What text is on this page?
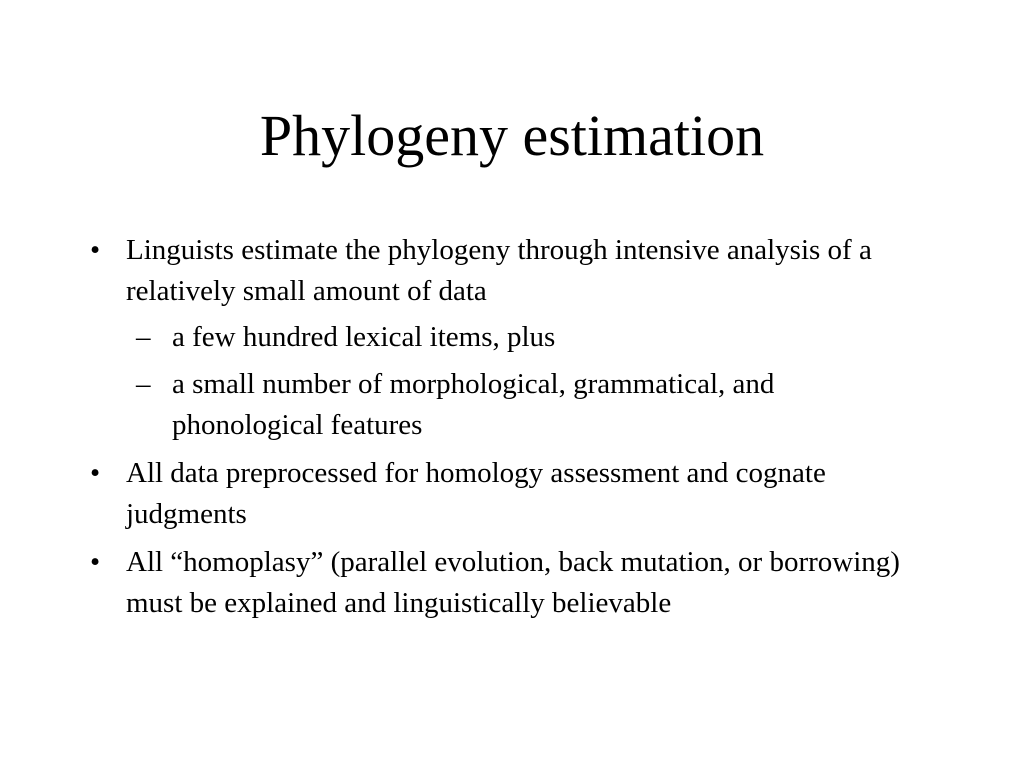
Phylogeny estimation
• Linguists estimate the phylogeny through intensive analysis of a relatively small amount of data
– a few hundred lexical items, plus
– a small number of morphological, grammatical, and phonological features
• All data preprocessed for homology assessment and cognate judgments
• All “homoplasy” (parallel evolution, back mutation, or borrowing) must be explained and linguistically believable
